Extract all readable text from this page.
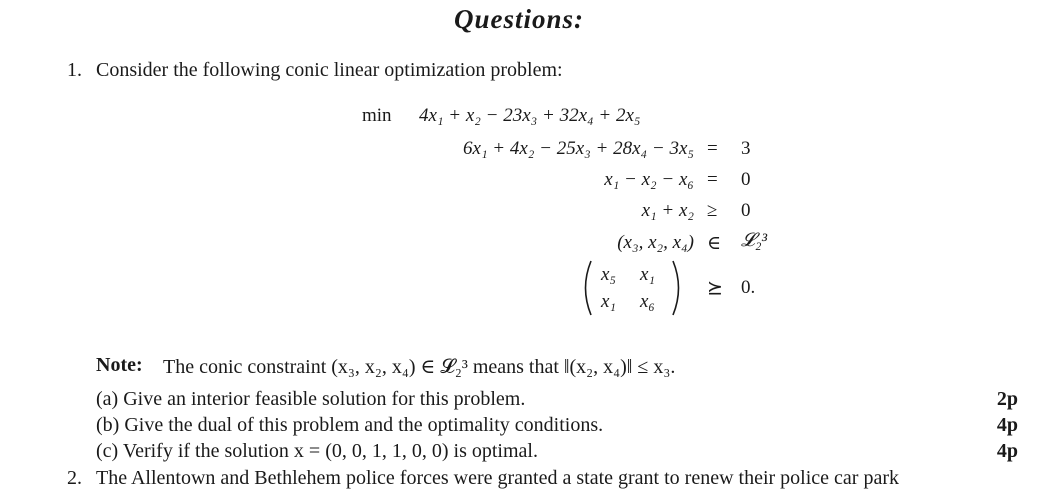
Questions:
1. Consider the following conic linear optimization problem:
min 4x₁ + x₂ − 23x₃ + 32x₄ + 2x₅
6x₁ + 4x₂ − 25x₃ + 28x₄ − 3x₅ = 3
x₁ − x₂ − x₆ = 0
x₁ + x₂ ≥ 0
(x₃, x₂, x₄) ∈ 𝓛₂³
x₅ x₁
x₁ x₆
⪰ 0.
Note: The conic constraint (x₃, x₂, x₄) ∈ 𝓛₂³ means that ‖(x₂, x₄)‖ ≤ x₃.
(a) Give an interior feasible solution for this problem.	2p
(b) Give the dual of this problem and the optimality conditions.	4p
(c) Verify if the solution x = (0, 0, 1, 1, 0, 0) is optimal.	4p
2. The Allentown and Bethlehem police forces were granted a state grant to renew their police car park
